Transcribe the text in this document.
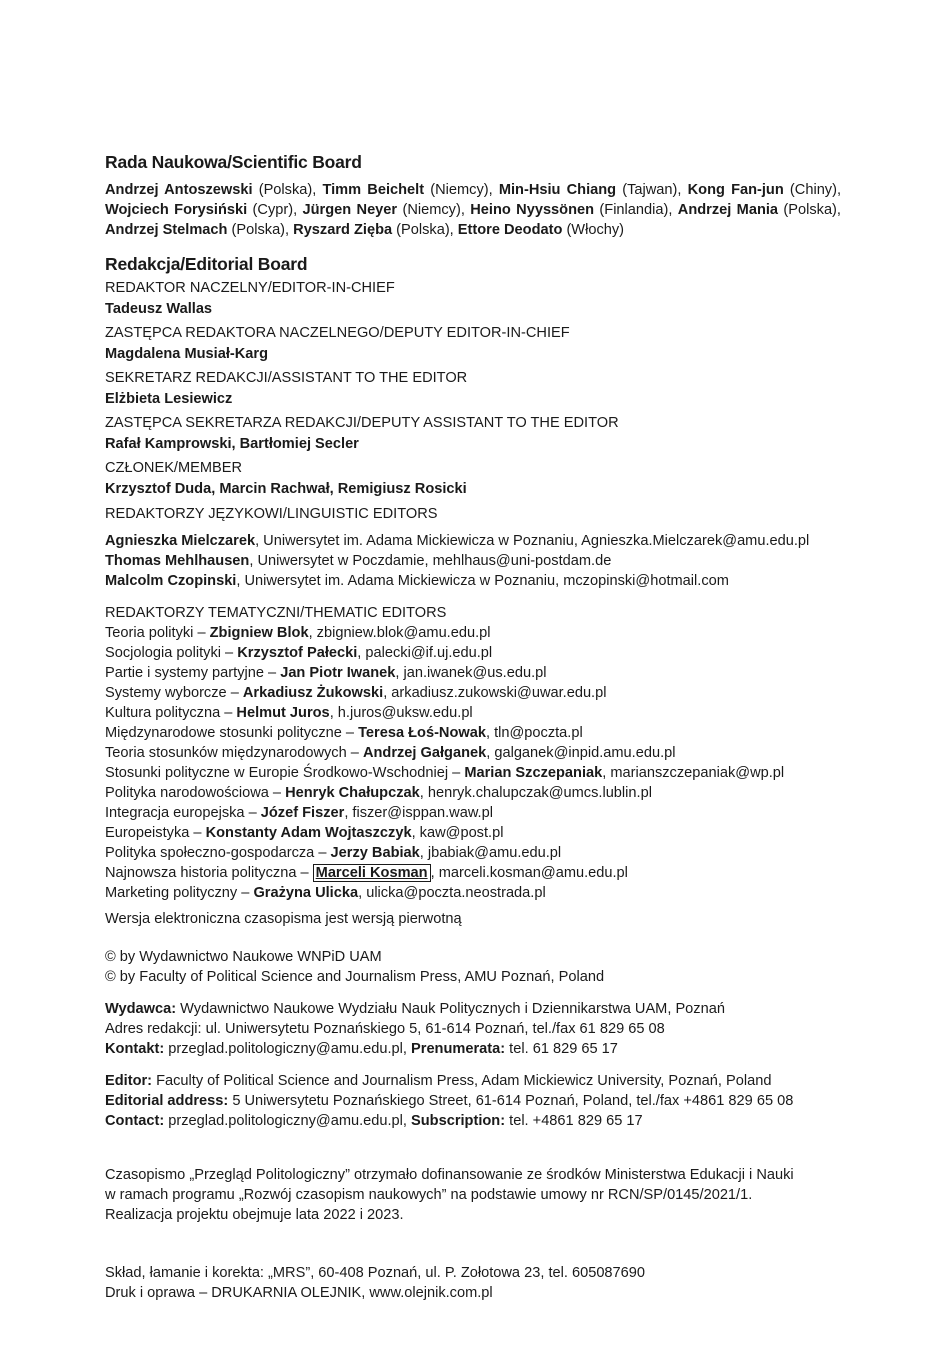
Rada Naukowa/Scientific Board

Andrzej Antoszewski (Polska), Timm Beichelt (Niemcy), Min-Hsiu Chiang (Tajwan), Kong Fan-jun (Chiny), Wojciech Forysiński (Cypr), Jürgen Neyer (Niemcy), Heino Nyyssönen (Finlandia), Andrzej Mania (Polska), Andrzej Stelmach (Polska), Ryszard Zięba (Polska), Ettore Deodato (Włochy)

Redakcja/Editorial Board
REDAKTOR NACZELNY/EDITOR-IN-CHIEF
Tadeusz Wallas
ZASTĘPCA REDAKTORA NACZELNEGO/DEPUTY EDITOR-IN-CHIEF
Magdalena Musiał-Karg
SEKRETARZ REDAKCJI/ASSISTANT TO THE EDITOR
Elżbieta Lesiewicz
ZASTĘPCA SEKRETARZA REDAKCJI/DEPUTY ASSISTANT TO THE EDITOR
Rafał Kamprowski, Bartłomiej Secler
CZŁONEK/MEMBER
Krzysztof Duda, Marcin Rachwał, Remigiusz Rosicki
REDAKTORZY JĘZYKOWI/LINGUISTIC EDITORS
Agnieszka Mielczarek, Uniwersytet im. Adama Mickiewicza w Poznaniu, Agnieszka.Mielczarek@amu.edu.pl
Thomas Mehlhausen, Uniwersytet w Poczdamie, mehlhaus@uni-postdam.de
Malcolm Czopinski, Uniwersytet im. Adama Mickiewicza w Poznaniu, mczopinski@hotmail.com
REDAKTORZY TEMATYCZNI/THEMATIC EDITORS
Teoria polityki – Zbigniew Blok, zbigniew.blok@amu.edu.pl
Socjologia polityki – Krzysztof Pałecki, palecki@if.uj.edu.pl
Partie i systemy partyjne – Jan Piotr Iwanek, jan.iwanek@us.edu.pl
Systemy wyborcze – Arkadiusz Żukowski, arkadiusz.zukowski@uwar.edu.pl
Kultura polityczna – Helmut Juros, h.juros@uksw.edu.pl
Międzynarodowe stosunki polityczne – Teresa Łoś-Nowak, tln@poczta.pl
Teoria stosunków międzynarodowych – Andrzej Gałganek, galganek@inpid.amu.edu.pl
Stosunki polityczne w Europie Środkowo-Wschodniej – Marian Szczepaniak, marianszczepaniak@wp.pl
Polityka narodowościowa – Henryk Chałupczak, henryk.chalupczak@umcs.lublin.pl
Integracja europejska – Józef Fiszer, fiszer@isppan.waw.pl
Europeistyka – Konstanty Adam Wojtaszczyk, kaw@post.pl
Polityka społeczno-gospodarcza – Jerzy Babiak, jbabiak@amu.edu.pl
Najnowsza historia polityczna – Marceli Kosman , marceli.kosman@amu.edu.pl
Marketing polityczny – Grażyna Ulicka, ulicka@poczta.neostrada.pl
Wersja elektroniczna czasopisma jest wersją pierwotną
© by Wydawnictwo Naukowe WNPiD UAM
© by Faculty of Political Science and Journalism Press, AMU Poznań, Poland
Wydawca: Wydawnictwo Naukowe Wydziału Nauk Politycznych i Dziennikarstwa UAM, Poznań
Adres redakcji: ul. Uniwersytetu Poznańskiego 5, 61-614 Poznań, tel./fax 61 829 65 08
Kontakt: przeglad.politologiczny@amu.edu.pl, Prenumerata: tel. 61 829 65 17
Editor: Faculty of Political Science and Journalism Press, Adam Mickiewicz University, Poznań, Poland
Editorial address: 5 Uniwersytetu Poznańskiego Street, 61-614 Poznań, Poland, tel./fax +4861 829 65 08
Contact: przeglad.politologiczny@amu.edu.pl, Subscription: tel. +4861 829 65 17
Czasopismo „Przegląd Politologiczny” otrzymało dofinansowanie ze środków Ministerstwa Edukacji i Nauki
w ramach programu „Rozwój czasopism naukowych” na podstawie umowy nr RCN/SP/0145/2021/1.
Realizacja projektu obejmuje lata 2022 i 2023.
Skład, łamanie i korekta: „MRS”, 60-408 Poznań, ul. P. Zołotowa 23, tel. 605087690
Druk i oprawa – DRUKARNIA OLEJNIK, www.olejnik.com.pl
